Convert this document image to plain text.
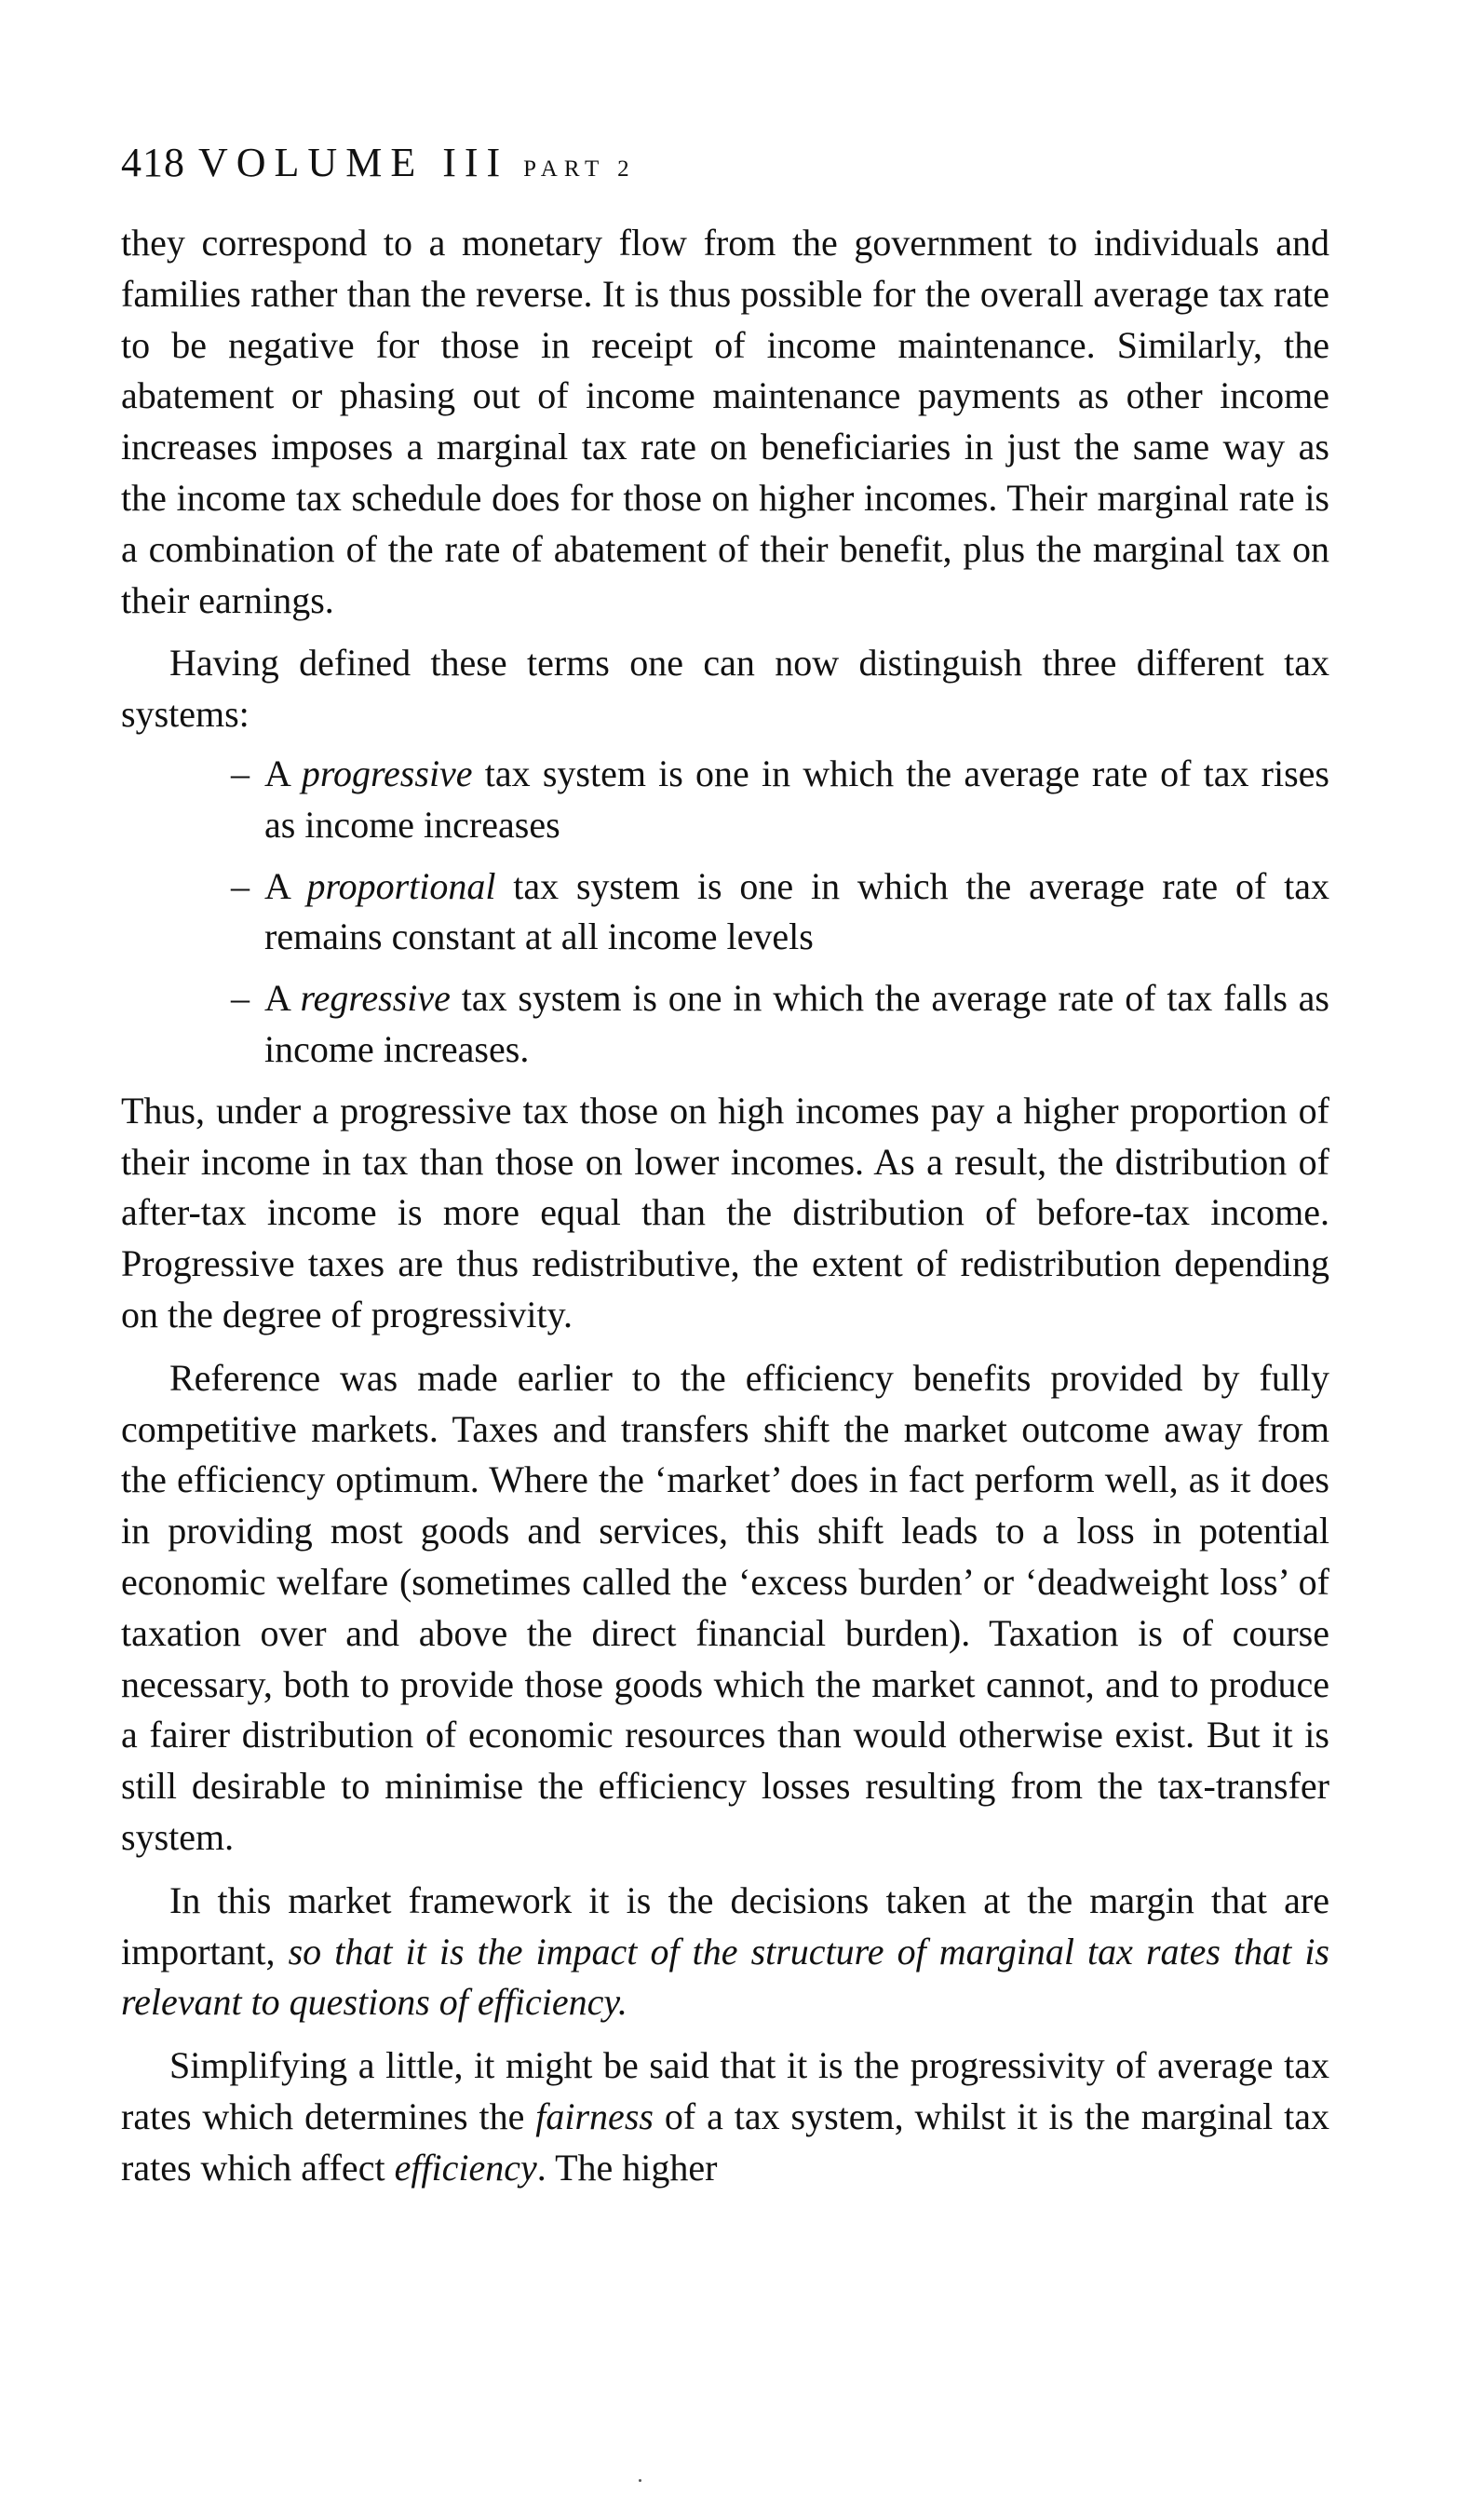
418 VOLUME III PART 2

they correspond to a monetary flow from the government to individuals and families rather than the reverse. It is thus possible for the overall average tax rate to be negative for those in receipt of income maintenance. Similarly, the abatement or phasing out of income maintenance payments as other income increases imposes a marginal tax rate on beneficiaries in just the same way as the income tax schedule does for those on higher incomes. Their marginal rate is a combination of the rate of abatement of their benefit, plus the marginal tax on their earnings.

Having defined these terms one can now distinguish three different tax systems:

– A progressive tax system is one in which the average rate of tax rises as income increases
– A proportional tax system is one in which the average rate of tax remains constant at all income levels
– A regressive tax system is one in which the average rate of tax falls as income increases.

Thus, under a progressive tax those on high incomes pay a higher proportion of their income in tax than those on lower incomes. As a result, the distribution of after-tax income is more equal than the distribution of before-tax income. Progressive taxes are thus redistributive, the extent of redistribution depending on the degree of progressivity.

Reference was made earlier to the efficiency benefits provided by fully competitive markets. Taxes and transfers shift the market outcome away from the efficiency optimum. Where the ‘market’ does in fact perform well, as it does in providing most goods and services, this shift leads to a loss in potential economic welfare (sometimes called the ‘excess burden’ or ‘deadweight loss’ of taxation over and above the direct financial burden). Taxation is of course necessary, both to provide those goods which the market cannot, and to produce a fairer distribution of economic resources than would otherwise exist. But it is still desirable to minimise the efficiency losses resulting from the tax-transfer system.

In this market framework it is the decisions taken at the margin that are important, so that it is the impact of the structure of marginal tax rates that is relevant to questions of efficiency.

Simplifying a little, it might be said that it is the progressivity of average tax rates which determines the fairness of a tax system, whilst it is the marginal tax rates which affect efficiency. The higher
